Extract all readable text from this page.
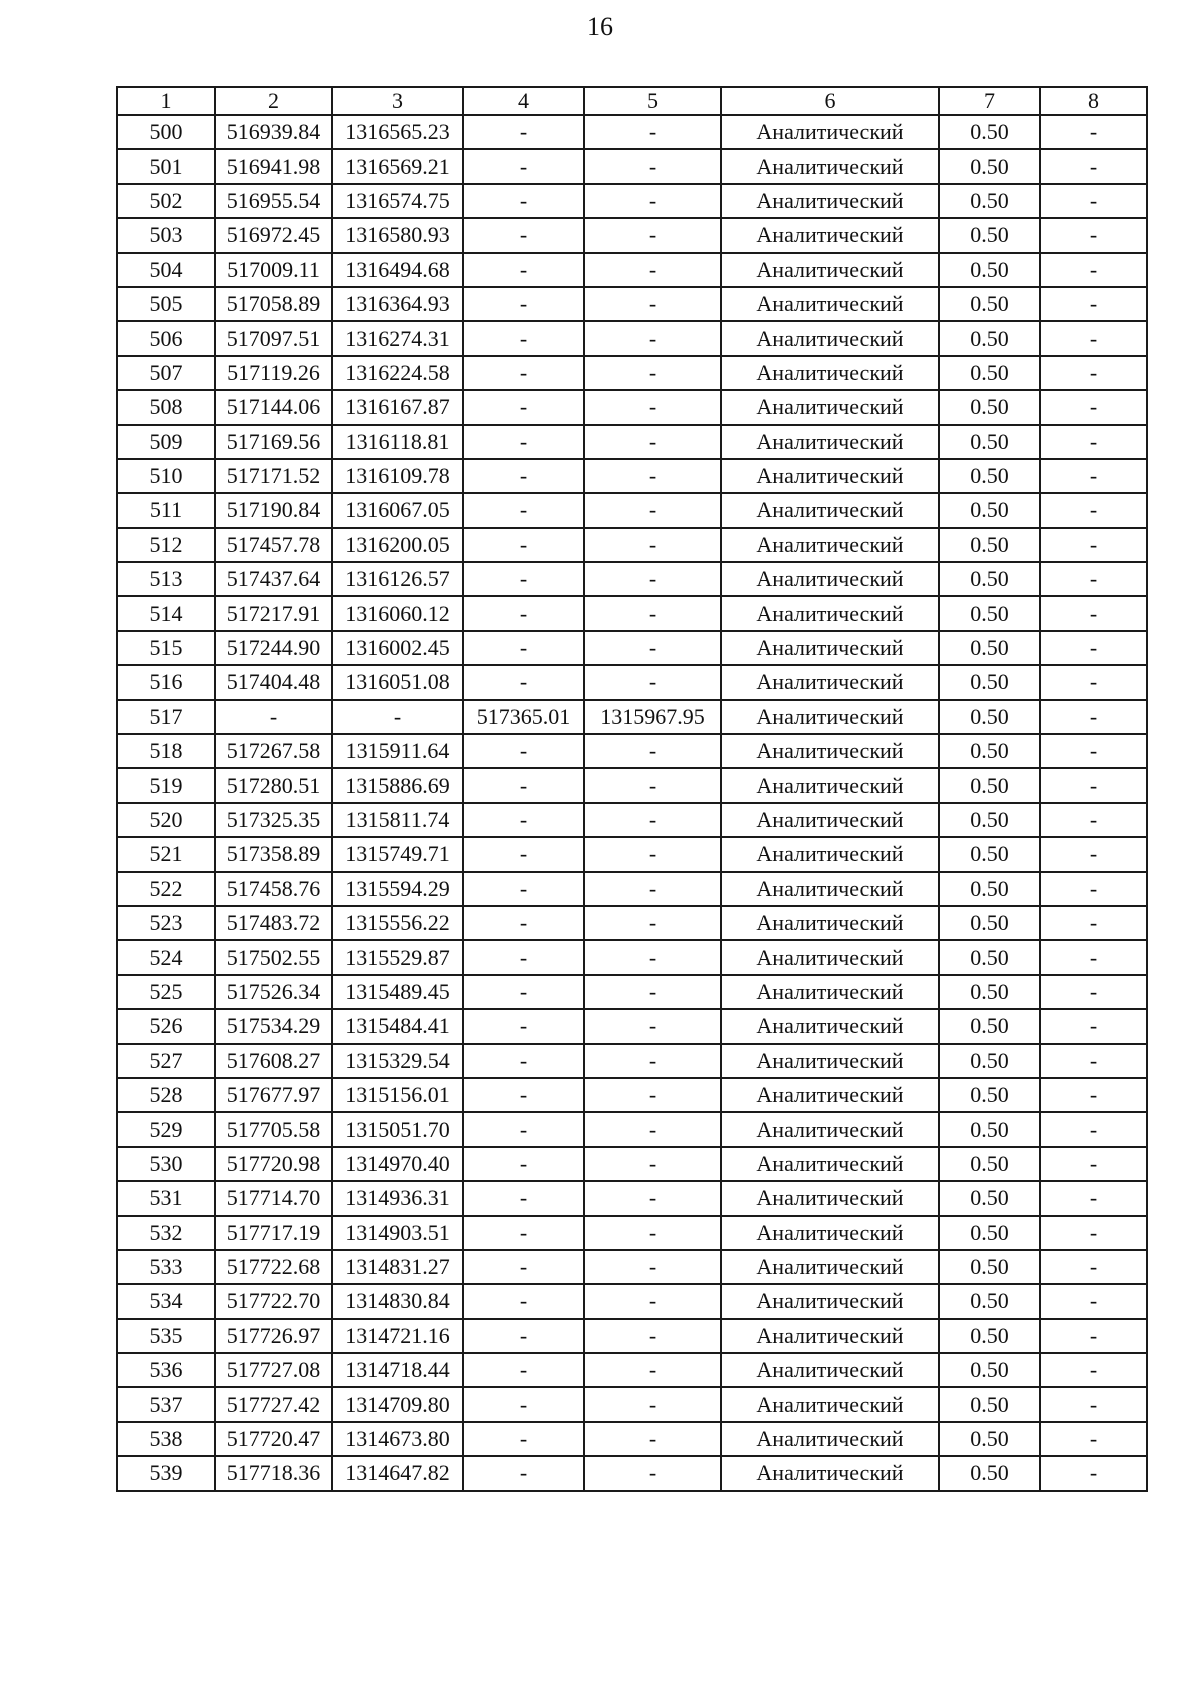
16
1	2	3	4	5	6	7	8
500	516939.84	1316565.23	-	-	Аналитический	0.50	-
501	516941.98	1316569.21	-	-	Аналитический	0.50	-
502	516955.54	1316574.75	-	-	Аналитический	0.50	-
503	516972.45	1316580.93	-	-	Аналитический	0.50	-
504	517009.11	1316494.68	-	-	Аналитический	0.50	-
505	517058.89	1316364.93	-	-	Аналитический	0.50	-
506	517097.51	1316274.31	-	-	Аналитический	0.50	-
507	517119.26	1316224.58	-	-	Аналитический	0.50	-
508	517144.06	1316167.87	-	-	Аналитический	0.50	-
509	517169.56	1316118.81	-	-	Аналитический	0.50	-
510	517171.52	1316109.78	-	-	Аналитический	0.50	-
511	517190.84	1316067.05	-	-	Аналитический	0.50	-
512	517457.78	1316200.05	-	-	Аналитический	0.50	-
513	517437.64	1316126.57	-	-	Аналитический	0.50	-
514	517217.91	1316060.12	-	-	Аналитический	0.50	-
515	517244.90	1316002.45	-	-	Аналитический	0.50	-
516	517404.48	1316051.08	-	-	Аналитический	0.50	-
517	-	-	517365.01	1315967.95	Аналитический	0.50	-
518	517267.58	1315911.64	-	-	Аналитический	0.50	-
519	517280.51	1315886.69	-	-	Аналитический	0.50	-
520	517325.35	1315811.74	-	-	Аналитический	0.50	-
521	517358.89	1315749.71	-	-	Аналитический	0.50	-
522	517458.76	1315594.29	-	-	Аналитический	0.50	-
523	517483.72	1315556.22	-	-	Аналитический	0.50	-
524	517502.55	1315529.87	-	-	Аналитический	0.50	-
525	517526.34	1315489.45	-	-	Аналитический	0.50	-
526	517534.29	1315484.41	-	-	Аналитический	0.50	-
527	517608.27	1315329.54	-	-	Аналитический	0.50	-
528	517677.97	1315156.01	-	-	Аналитический	0.50	-
529	517705.58	1315051.70	-	-	Аналитический	0.50	-
530	517720.98	1314970.40	-	-	Аналитический	0.50	-
531	517714.70	1314936.31	-	-	Аналитический	0.50	-
532	517717.19	1314903.51	-	-	Аналитический	0.50	-
533	517722.68	1314831.27	-	-	Аналитический	0.50	-
534	517722.70	1314830.84	-	-	Аналитический	0.50	-
535	517726.97	1314721.16	-	-	Аналитический	0.50	-
536	517727.08	1314718.44	-	-	Аналитический	0.50	-
537	517727.42	1314709.80	-	-	Аналитический	0.50	-
538	517720.47	1314673.80	-	-	Аналитический	0.50	-
539	517718.36	1314647.82	-	-	Аналитический	0.50	-
